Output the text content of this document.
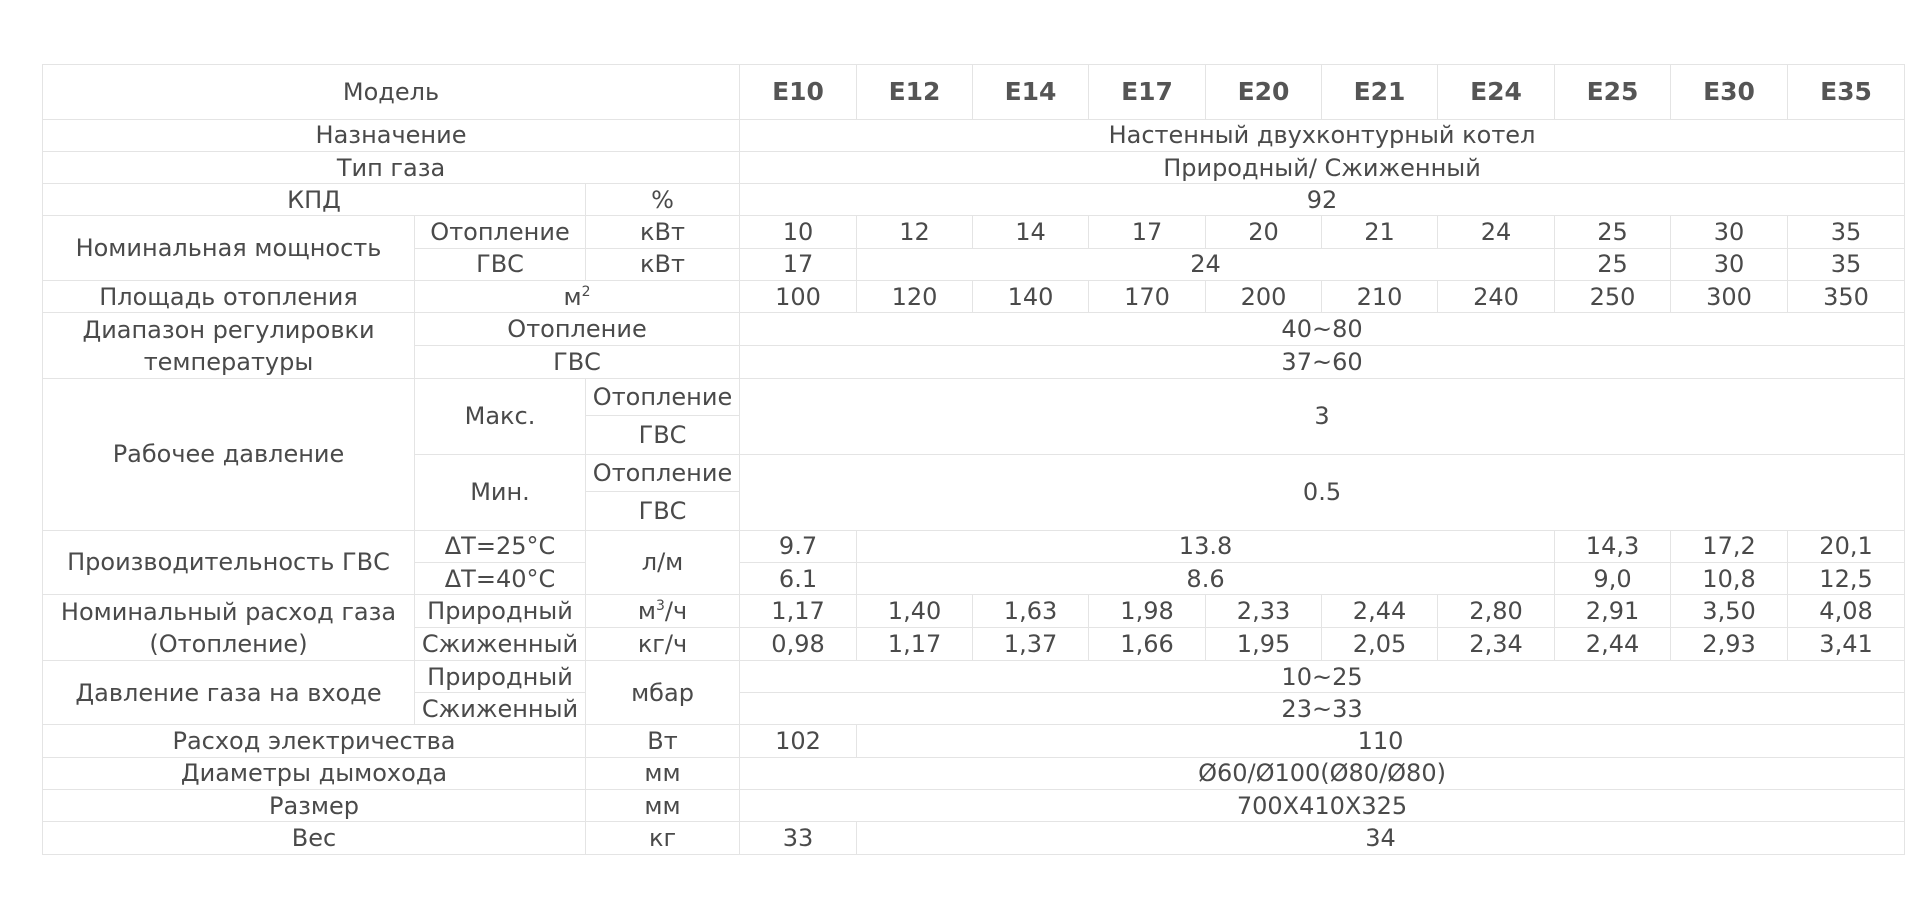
Модель			E10	E12	E14	E17	E20	E21	E24	E25	E30	E35
Назначение			Настенный двухконтурный котел									
Тип газа			Природный/ Сжиженный									
КПД		%	92									
Номинальная мощность	Отопление	кВт	10	12	14	17	20	21	24	25	30	35
	ГВС	кВт	17	24						25	30	35
Площадь отопления	$м^2$		100	120	140	170	200	210	240	250	300	350
Диапазон регулировки температуры	Отопление		40~80									
	ГВС		37~60									
Рабочее давление	Макс.	Отопление	3									
		ГВС										
	Мин.	Отопление	0.5									
		ГВС										
Производительность ГВС	ΔT=25°C	л/м	9.7	13.8						14,3	17,2	20,1
	ΔT=40°C		6.1	8.6						9,0	10,8	12,5
Номинальный расход газа (Отопление)	Природный	$м^3/ч$	1,17	1,40	1,63	1,98	2,33	2,44	2,80	2,91	3,50	4,08
	Сжиженный	кг/ч	0,98	1,17	1,37	1,66	1,95	2,05	2,34	2,44	2,93	3,41
Давление газа на входе	Природный	мбар	10~25									
	Сжиженный		23~33									
Расход электричества		Вт	102	110								
Диаметры дымохода		мм	Ø60/Ø100(Ø80/Ø80)									
Размер		мм	700X410X325									
Вес		кг	33	34								
